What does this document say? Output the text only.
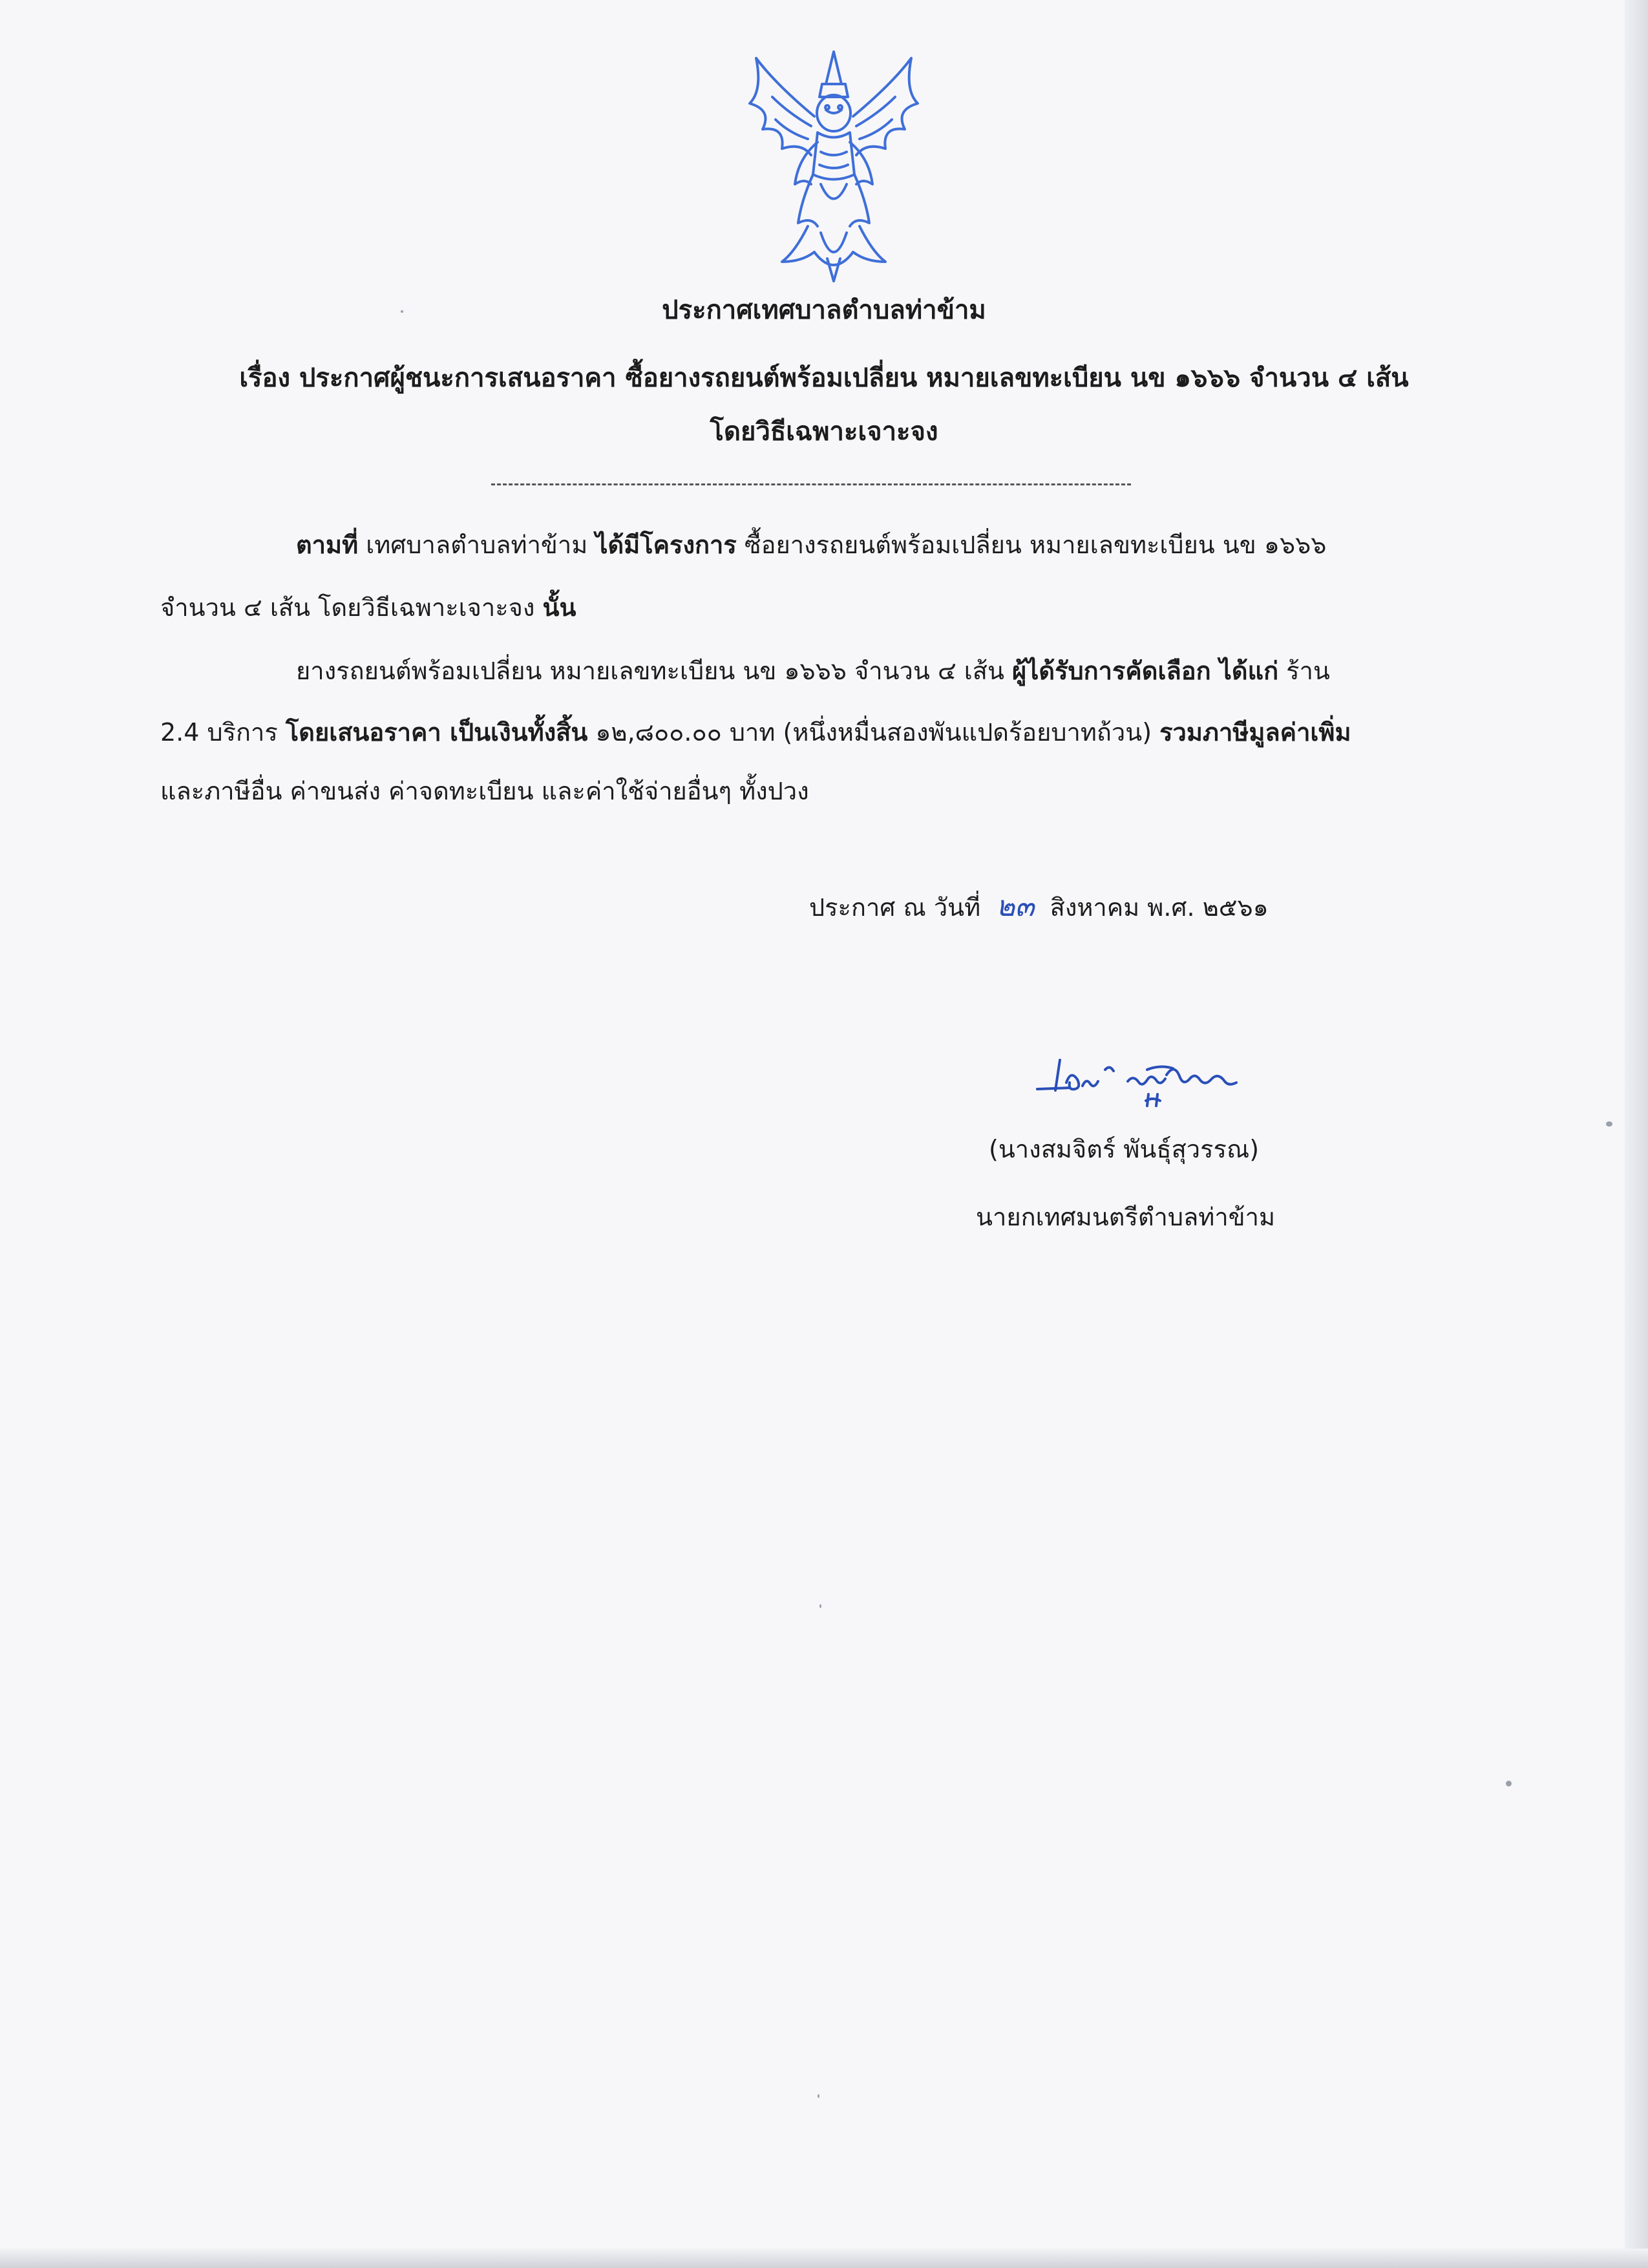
ประกาศเทศบาลตำบลท่าข้าม
เรื่อง ประกาศผู้ชนะการเสนอราคา ซื้อยางรถยนต์พร้อมเปลี่ยน หมายเลขทะเบียน นข ๑๖๖๖ จำนวน ๔ เส้น
โดยวิธีเฉพาะเจาะจง
ตามที่ เทศบาลตำบลท่าข้าม ได้มีโครงการ ซื้อยางรถยนต์พร้อมเปลี่ยน หมายเลขทะเบียน นข ๑๖๖๖
จำนวน ๔ เส้น โดยวิธีเฉพาะเจาะจง นั้น
ยางรถยนต์พร้อมเปลี่ยน หมายเลขทะเบียน นข ๑๖๖๖ จำนวน ๔ เส้น ผู้ได้รับการคัดเลือก ได้แก่ ร้าน
2.4 บริการ โดยเสนอราคา เป็นเงินทั้งสิ้น ๑๒,๘๐๐.๐๐ บาท (หนึ่งหมื่นสองพันแปดร้อยบาทถ้วน) รวมภาษีมูลค่าเพิ่ม
และภาษีอื่น ค่าขนส่ง ค่าจดทะเบียน และค่าใช้จ่ายอื่นๆ ทั้งปวง
ประกาศ ณ วันที่ ๒๓ สิงหาคม พ.ศ. ๒๕๖๑
(นางสมจิตร์ พันธุ์สุวรรณ)
นายกเทศมนตรีตำบลท่าข้าม
